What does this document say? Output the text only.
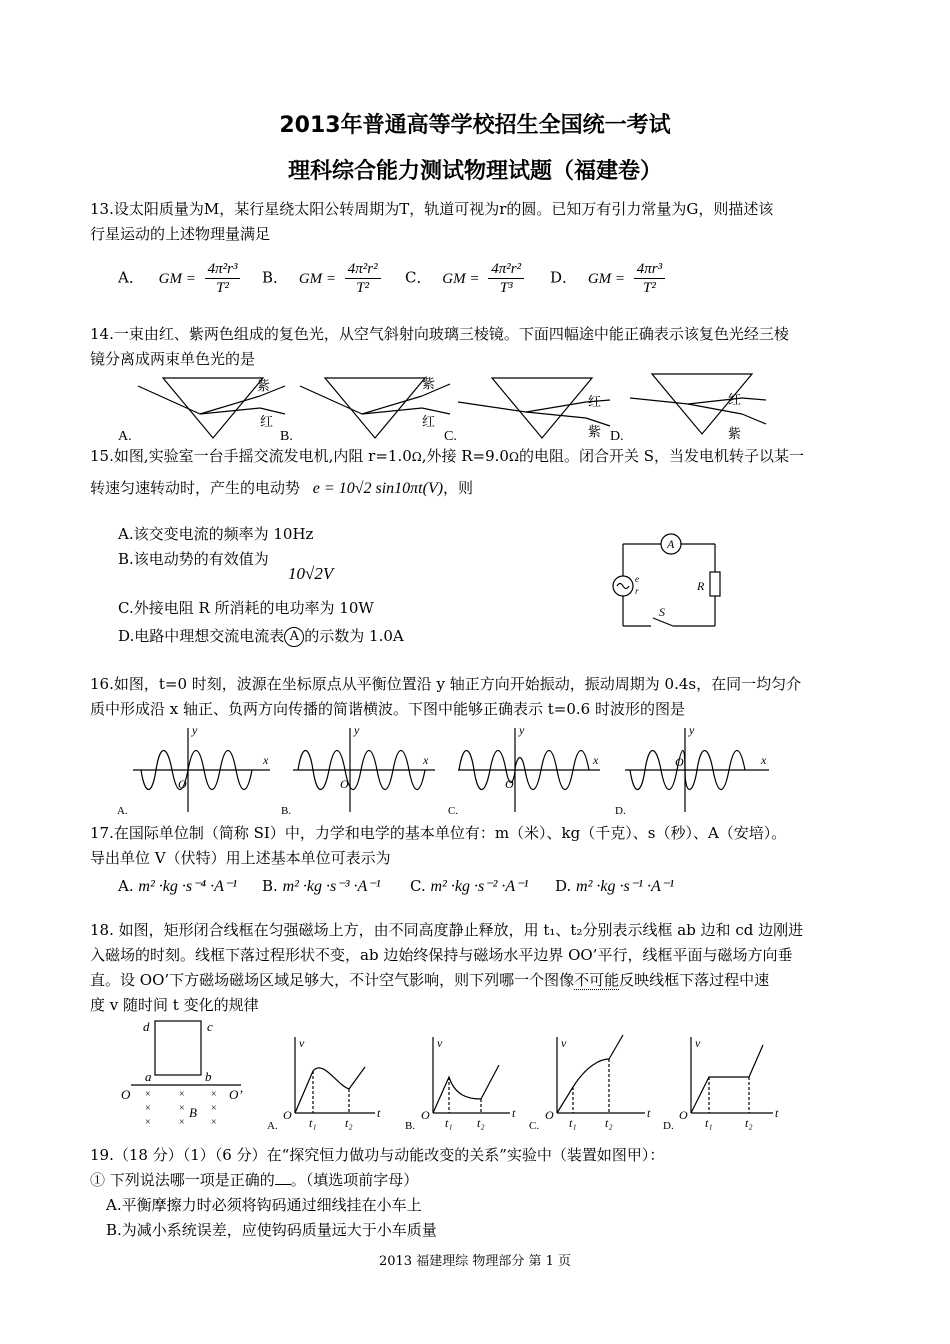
2013年普通高等学校招生全国统一考试
理科综合能力测试物理试题（福建卷）
13.设太阳质量为M，某行星绕太阳公转周期为T，轨道可视为r的圆。已知万有引力常量为G，则描述该
行星运动的上述物理量满足
A． GM = $\frac{\text{4π²r³}}{\text{T²}}$ B． GM = $\frac{\text{4π²r²}}{\text{T²}}$ C． GM = $\frac{\text{4π²r²}}{\text{T³}}$ D． GM = $\frac{\text{4πr³}}{\text{T²}}$
14.一束由红、紫两色组成的复色光，从空气斜射向玻璃三棱镜。下面四幅途中能正确表示该复色光经三棱
镜分离成两束单色光的是
紫
红
紫
红
红
紫
红
紫
A.	B.	C.	D.
15.如图,实验室一台手摇交流发电机,内阻 r=1.0Ω,外接 R=9.0Ω的电阻。闭合开关 S，当发电机转子以某一
转速匀速转动时，产生的电动势 e = 10√2 sin10πt(V)，则
A.该交变电流的频率为 10Hz
B.该电动势的有效值为
10√2V
C.外接电阻 R 所消耗的电功率为 10W
D.电路中理想交流电流表 A 的示数为 1.0A
A
R
S
e
r
16.如图，t=0 时刻，波源在坐标原点从平衡位置沿 y 轴正方向开始振动，振动周期为 0.4s，在同一均匀介
质中形成沿 x 轴正、负两方向传播的简谐横波。下图中能够正确表示 t=0.6 时波形的图是
y
x
O
y
x
O
y
x
O
y
x
O
A.	B.	C.	D.
17.在国际单位制（简称 SI）中，力学和电学的基本单位有：m（米）、kg（千克）、s（秒）、A（安培）。
导出单位 V（伏特）用上述基本单位可表示为
A. m² ·kg ·s⁻⁴ ·A⁻¹ B. m² ·kg ·s⁻³ ·A⁻¹ C. m² ·kg ·s⁻² ·A⁻¹ D. m² ·kg ·s⁻¹ ·A⁻¹
18. 如图，矩形闭合线框在匀强磁场上方，由不同高度静止释放，用 t₁、t₂分别表示线框 ab 边和 cd 边刚进
入磁场的时刻。线框下落过程形状不变，ab 边始终保持与磁场水平边界 OO’平行，线框平面与磁场方向垂
直。设 OO’下方磁场磁场区域足够大，不计空气影响，则下列哪一个图像不可能反映线框下落过程中速
度 v 随时间 t 变化的规律
d	c
a	b
O	O’
B
×	×	×
×	×	×
×	×	×
v
t
O
t₁ t₂
v
t
O
t₁ t₂
v
t
O
t₁ t₂
v
t
O
t₁	t₂
A.	B.	C.	D.
19.（18 分）（1）（6 分）在“探究恒力做功与动能改变的关系”实验中（装置如图甲）：
① 下列说法哪一项是正确的 。（填选项前字母）
A.平衡摩擦力时必须将钩码通过细线挂在小车上
B.为减小系统误差，应使钩码质量远大于小车质量
2013 福建理综 物理部分 第 1 页
